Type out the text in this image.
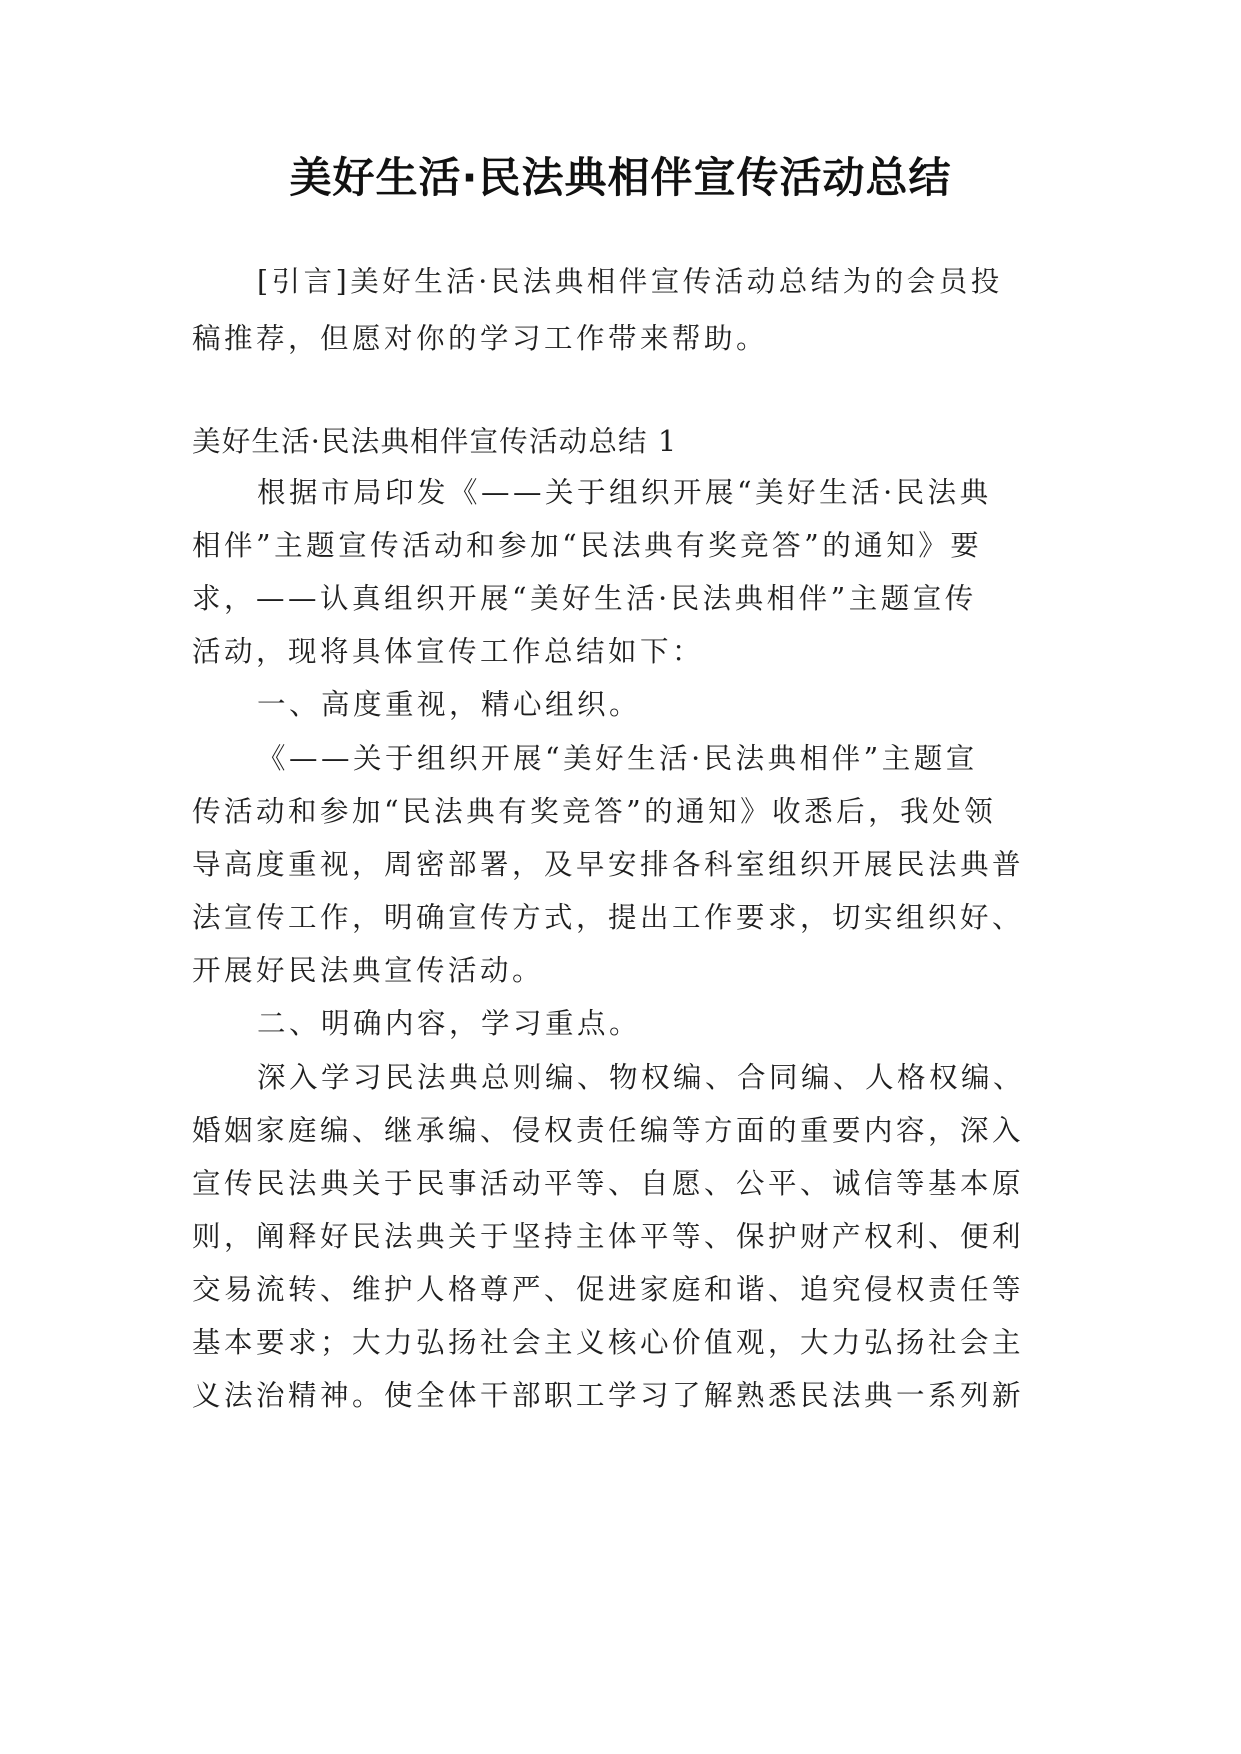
美好生活·民法典相伴宣传活动总结
[引言]美好生活·民法典相伴宣传活动总结为的会员投
稿推荐，但愿对你的学习工作带来帮助。
美好生活·民法典相伴宣传活动总结 1
根据市局印发《——关于组织开展“美好生活·民法典
相伴”主题宣传活动和参加“民法典有奖竞答”的通知》要
求，——认真组织开展“美好生活·民法典相伴”主题宣传
活动，现将具体宣传工作总结如下：
一、高度重视，精心组织。
《——关于组织开展“美好生活·民法典相伴”主题宣
传活动和参加“民法典有奖竞答”的通知》收悉后，我处领
导高度重视，周密部署，及早安排各科室组织开展民法典普
法宣传工作，明确宣传方式，提出工作要求，切实组织好、
开展好民法典宣传活动。
二、明确内容，学习重点。
深入学习民法典总则编、物权编、合同编、人格权编、
婚姻家庭编、继承编、侵权责任编等方面的重要内容，深入
宣传民法典关于民事活动平等、自愿、公平、诚信等基本原
则，阐释好民法典关于坚持主体平等、保护财产权利、便利
交易流转、维护人格尊严、促进家庭和谐、追究侵权责任等
基本要求；大力弘扬社会主义核心价值观，大力弘扬社会主
义法治精神。使全体干部职工学习了解熟悉民法典一系列新
